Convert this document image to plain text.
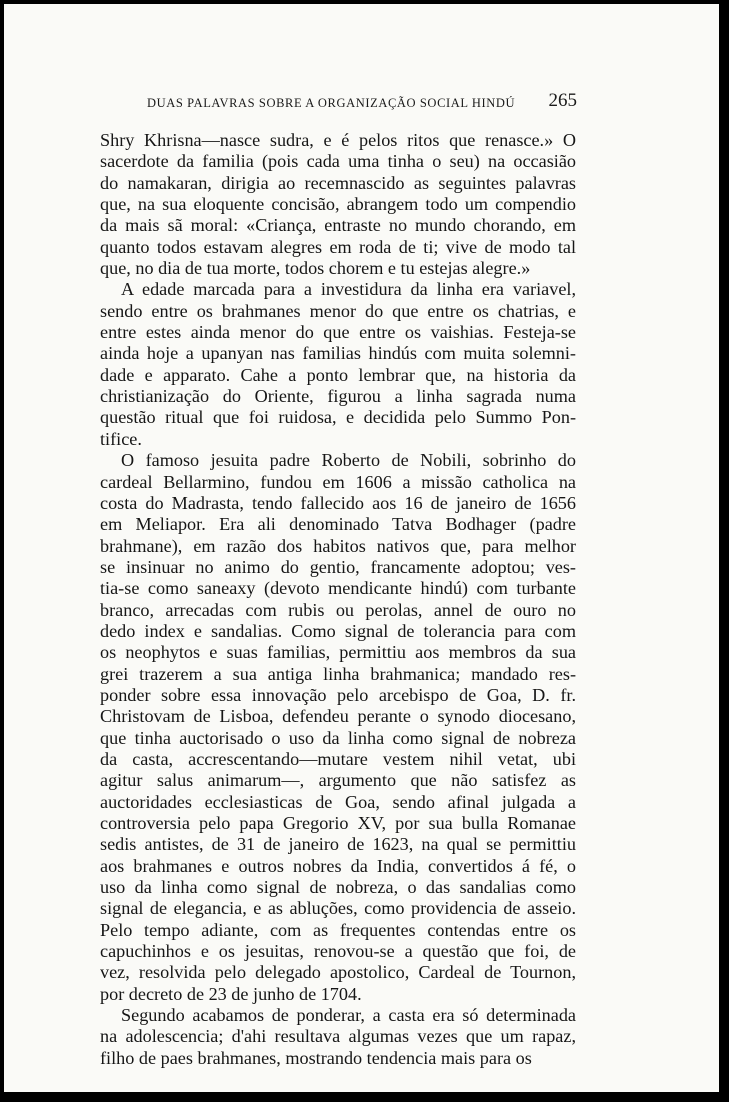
DUAS PALAVRAS SOBRE A ORGANIZAÇÃO SOCIAL HINDÚ 265
Shry Khrisna—nasce sudra, e é pelos ritos que renasce.» O
sacerdote da familia (pois cada uma tinha o seu) na occasião
do namakaran, dirigia ao recemnascido as seguintes palavras
que, na sua eloquente concisão, abrangem todo um compendio
da mais sã moral: «Criança, entraste no mundo chorando, em
quanto todos estavam alegres em roda de ti; vive de modo tal
que, no dia de tua morte, todos chorem e tu estejas alegre.»
A edade marcada para a investidura da linha era variavel,
sendo entre os brahmanes menor do que entre os chatrias, e
entre estes ainda menor do que entre os vaishias. Festeja-se
ainda hoje a upanyan nas familias hindús com muita solemni-
dade e apparato. Cahe a ponto lembrar que, na historia da
christianização do Oriente, figurou a linha sagrada numa
questão ritual que foi ruidosa, e decidida pelo Summo Pon-
tifice.
O famoso jesuita padre Roberto de Nobili, sobrinho do
cardeal Bellarmino, fundou em 1606 a missão catholica na
costa do Madrasta, tendo fallecido aos 16 de janeiro de 1656
em Meliapor. Era ali denominado Tatva Bodhager (padre
brahmane), em razão dos habitos nativos que, para melhor
se insinuar no animo do gentio, francamente adoptou; ves-
tia-se como saneaxy (devoto mendicante hindú) com turbante
branco, arrecadas com rubis ou perolas, annel de ouro no
dedo index e sandalias. Como signal de tolerancia para com
os neophytos e suas familias, permittiu aos membros da sua
grei trazerem a sua antiga linha brahmanica; mandado res-
ponder sobre essa innovação pelo arcebispo de Goa, D. fr.
Christovam de Lisboa, defendeu perante o synodo diocesano,
que tinha auctorisado o uso da linha como signal de nobreza
da casta, accrescentando—mutare vestem nihil vetat, ubi
agitur salus animarum—, argumento que não satisfez as
auctoridades ecclesiasticas de Goa, sendo afinal julgada a
controversia pelo papa Gregorio XV, por sua bulla Romanae
sedis antistes, de 31 de janeiro de 1623, na qual se permittiu
aos brahmanes e outros nobres da India, convertidos á fé, o
uso da linha como signal de nobreza, o das sandalias como
signal de elegancia, e as abluções, como providencia de asseio.
Pelo tempo adiante, com as frequentes contendas entre os
capuchinhos e os jesuitas, renovou-se a questão que foi, de
vez, resolvida pelo delegado apostolico, Cardeal de Tournon,
por decreto de 23 de junho de 1704.
Segundo acabamos de ponderar, a casta era só determinada
na adolescencia; d'ahi resultava algumas vezes que um rapaz,
filho de paes brahmanes, mostrando tendencia mais para os
